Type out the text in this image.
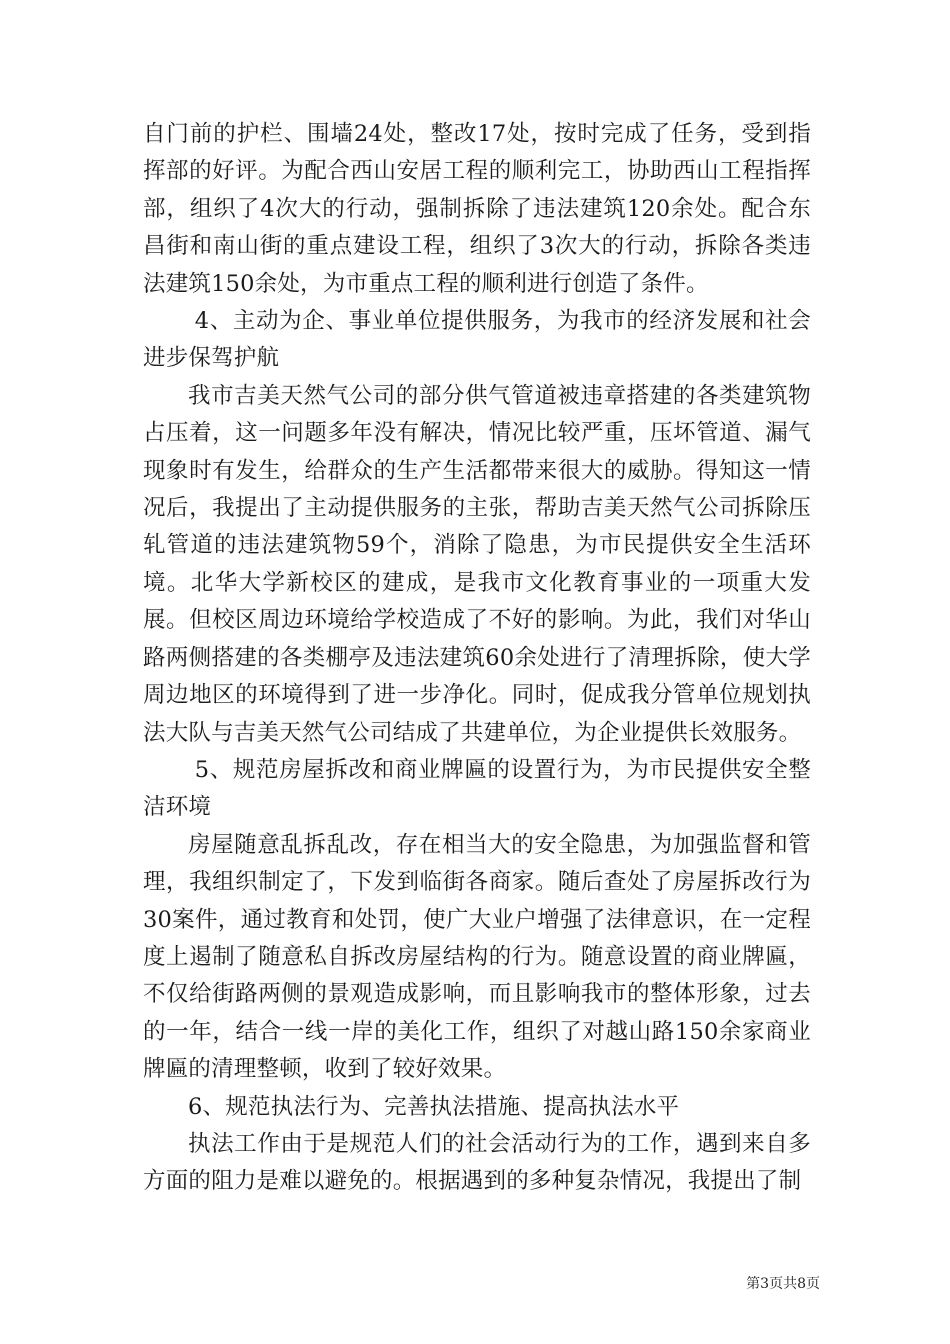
自门前的护栏、围墙24处，整改17处，按时完成了任务，受到指挥部的好评。为配合西山安居工程的顺利完工，协助西山工程指挥部，组织了4次大的行动，强制拆除了违法建筑120余处。配合东昌街和南山街的重点建设工程，组织了3次大的行动，拆除各类违法建筑150余处，为市重点工程的顺利进行创造了条件。

4、主动为企、事业单位提供服务，为我市的经济发展和社会进步保驾护航

我市吉美天然气公司的部分供气管道被违章搭建的各类建筑物占压着，这一问题多年没有解决，情况比较严重，压坏管道、漏气现象时有发生，给群众的生产生活都带来很大的威胁。得知这一情况后，我提出了主动提供服务的主张，帮助吉美天然气公司拆除压轧管道的违法建筑物59个，消除了隐患，为市民提供安全生活环境。北华大学新校区的建成，是我市文化教育事业的一项重大发展。但校区周边环境给学校造成了不好的影响。为此，我们对华山路两侧搭建的各类棚亭及违法建筑60余处进行了清理拆除，使大学周边地区的环境得到了进一步净化。同时，促成我分管单位规划执法大队与吉美天然气公司结成了共建单位，为企业提供长效服务。

5、规范房屋拆改和商业牌匾的设置行为，为市民提供安全整洁环境

房屋随意乱拆乱改，存在相当大的安全隐患，为加强监督和管理，我组织制定了，下发到临街各商家。随后查处了房屋拆改行为30案件，通过教育和处罚，使广大业户增强了法律意识，在一定程度上遏制了随意私自拆改房屋结构的行为。随意设置的商业牌匾，不仅给街路两侧的景观造成影响，而且影响我市的整体形象，过去的一年，结合一线一岸的美化工作，组织了对越山路150余家商业牌匾的清理整顿，收到了较好效果。

6、规范执法行为、完善执法措施、提高执法水平

执法工作由于是规范人们的社会活动行为的工作，遇到来自多方面的阻力是难以避免的。根据遇到的多种复杂情况，我提出了制

第3页共8页
